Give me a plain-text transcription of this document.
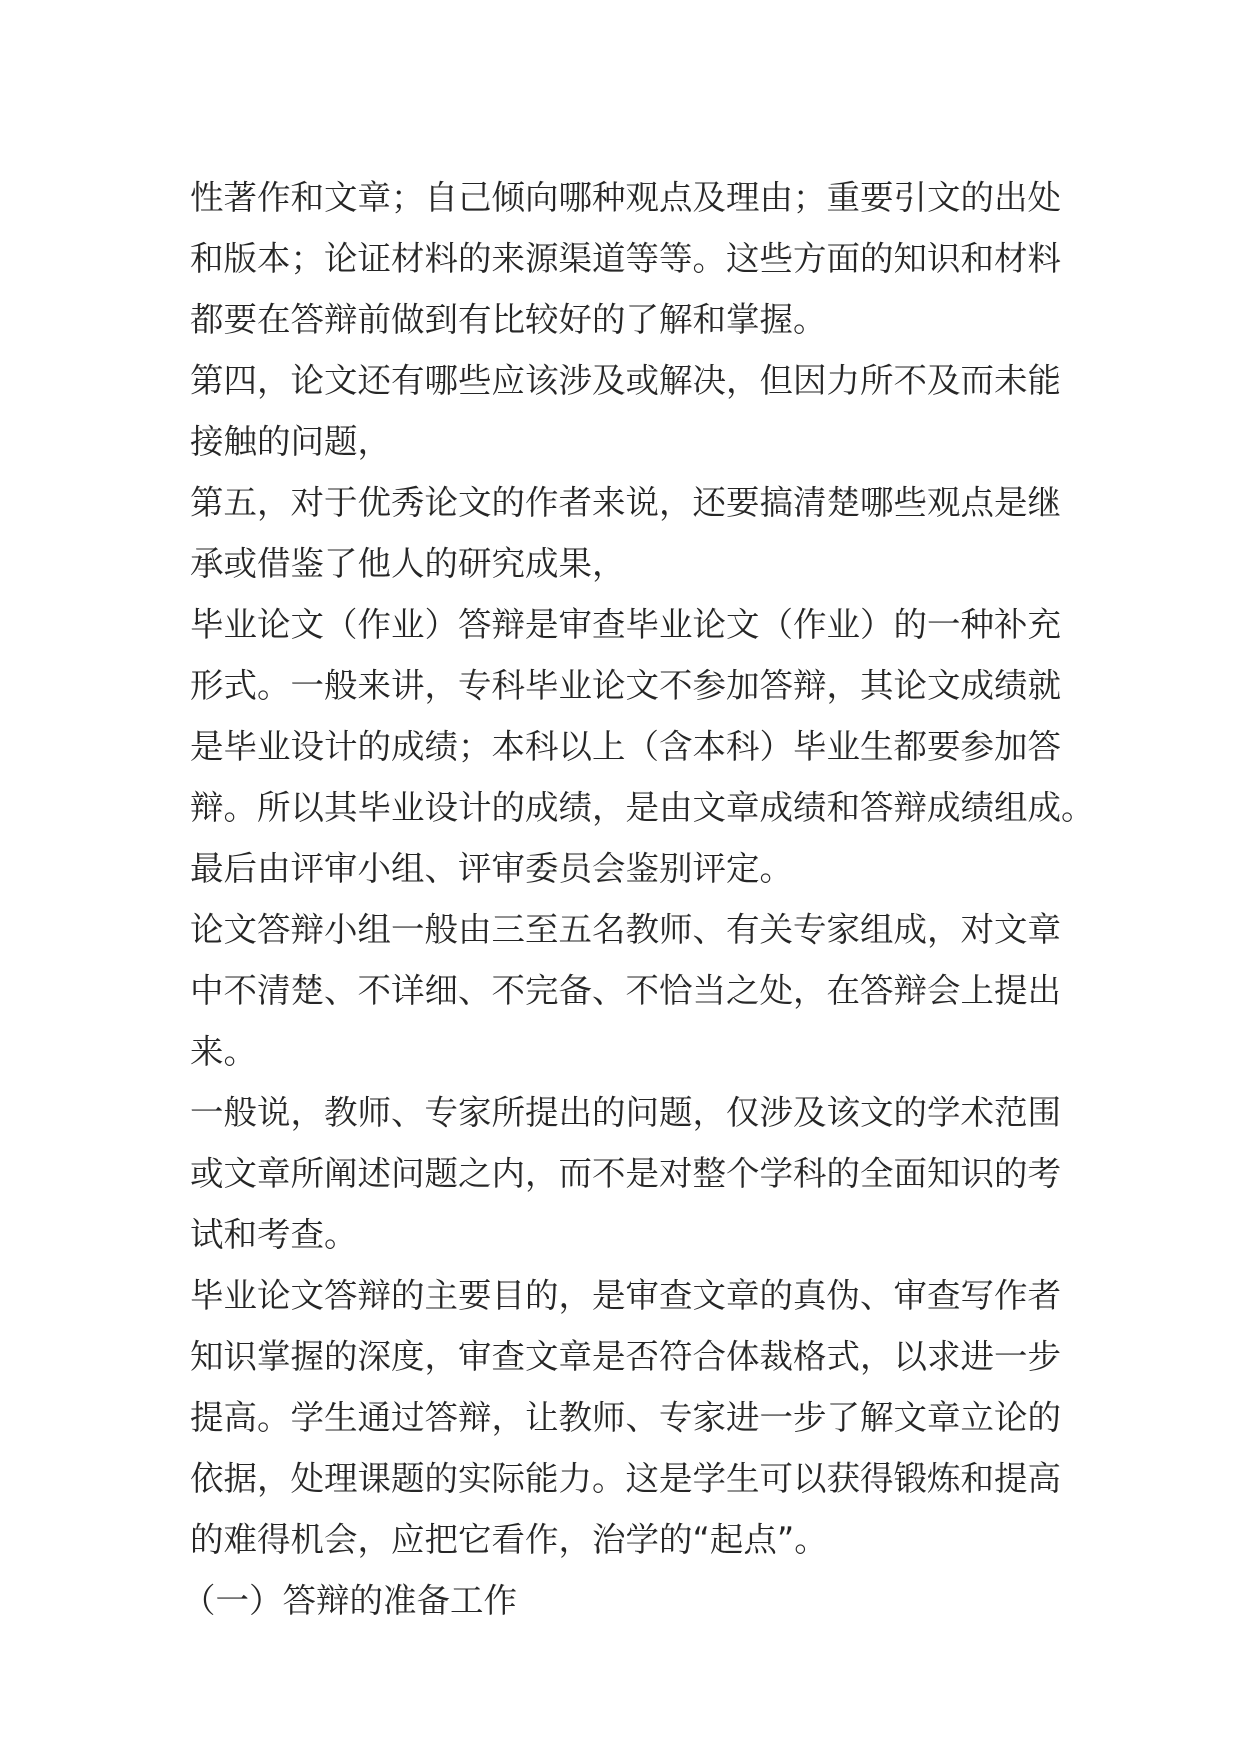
性著作和文章；自己倾向哪种观点及理由；重要引文的出处
和版本；论证材料的来源渠道等等。这些方面的知识和材料
都要在答辩前做到有比较好的了解和掌握。
第四，论文还有哪些应该涉及或解决，但因力所不及而未能
接触的问题，
第五，对于优秀论文的作者来说，还要搞清楚哪些观点是继
承或借鉴了他人的研究成果，
毕业论文（作业）答辩是审查毕业论文（作业）的一种补充
形式。一般来讲，专科毕业论文不参加答辩，其论文成绩就
是毕业设计的成绩；本科以上（含本科）毕业生都要参加答
辩。所以其毕业设计的成绩，是由文章成绩和答辩成绩组成。
最后由评审小组、评审委员会鉴别评定。
论文答辩小组一般由三至五名教师、有关专家组成，对文章
中不清楚、不详细、不完备、不恰当之处，在答辩会上提出
来。
一般说，教师、专家所提出的问题，仅涉及该文的学术范围
或文章所阐述问题之内，而不是对整个学科的全面知识的考
试和考查。
毕业论文答辩的主要目的，是审查文章的真伪、审查写作者
知识掌握的深度，审查文章是否符合体裁格式，以求进一步
提高。学生通过答辩，让教师、专家进一步了解文章立论的
依据，处理课题的实际能力。这是学生可以获得锻炼和提高
的难得机会，应把它看作，治学的“起点”。
（一）答辩的准备工作
